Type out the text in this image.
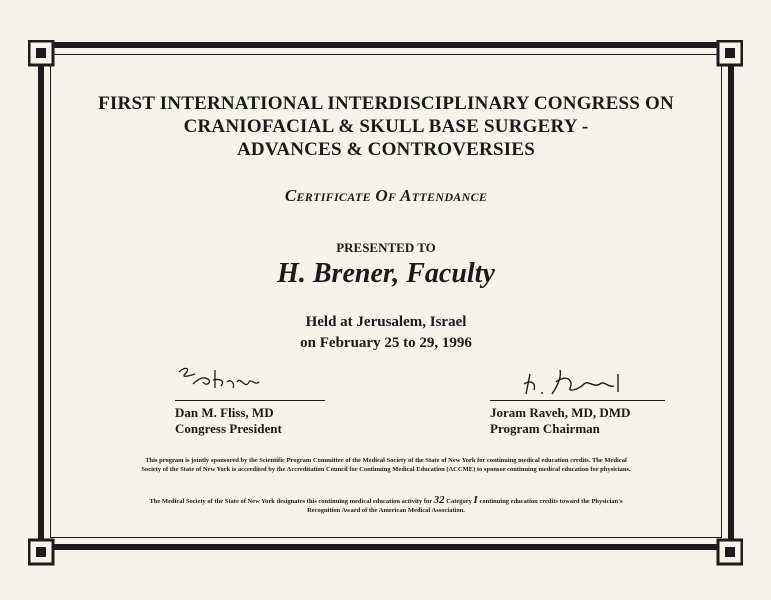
FIRST INTERNATIONAL INTERDISCIPLINARY CONGRESS ON
CRANIOFACIAL & SKULL BASE SURGERY -
ADVANCES & CONTROVERSIES
Certificate Of Attendance
PRESENTED TO
H. Brener, Faculty
Held at Jerusalem, Israel
on February 25 to 29, 1996
Dan M. Fliss, MD
Congress President
Joram Raveh, MD, DMD
Program Chairman
This program is jointly sponsored by the Scientific Program Committee of the Medical Society of the State of New York for continuing medical education credits. The Medical Society of the State of New York is accredited by the Accreditation Council for Continuing Medical Education (ACCME) to sponsor continuing medical education for physicians.
The Medical Society of the State of New York designates this continuing medical education activity for 32 Category I continuing education credits toward the Physician's Recognition Award of the American Medical Association.
